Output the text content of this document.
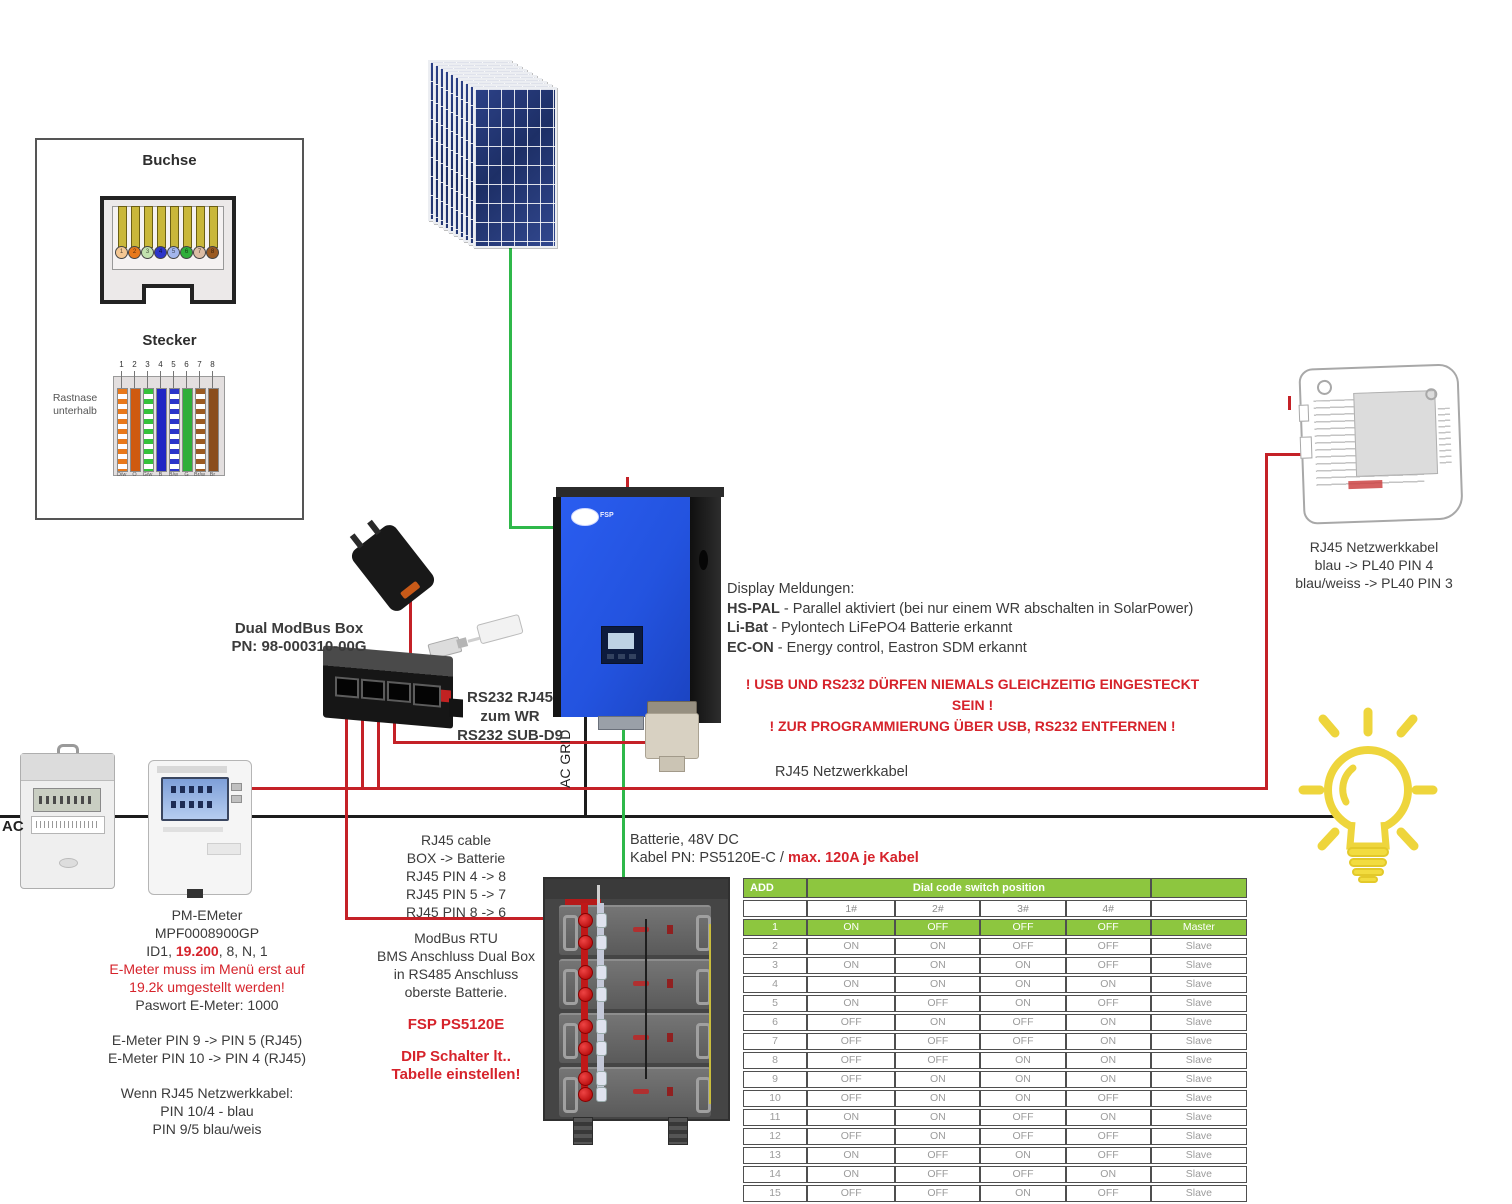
Buchse
1	2	3	4	5	6	7	8
Stecker
Rastnase
unterhalb
1
O/w
2
O
3
G/w
4
B
5
B/w
6
G
7
Br/w
8
Br
FSP
AC GRID
Dual ModBus Box
PN: 98-000310-00G
RS232 RJ45
zum WR
RS232 SUB-D9
AC
Batterie, 48V DC
Kabel PN: PS5120E-C / max. 120A je Kabel
RJ45 cable
BOX -> Batterie
RJ45 PIN 4 -> 8
RJ45 PIN 5 -> 7
RJ45 PIN 8 -> 6
ModBus RTU
BMS Anschluss Dual Box
in RS485 Anschluss
oberste Batterie.
FSP PS5120E
DIP Schalter lt..
Tabelle einstellen!
PM-EMeter
MPF0008900GP
ID1, 19.200, 8, N, 1
E-Meter muss im Menü erst auf
19.2k umgestellt werden!
Paswort E-Meter: 1000
E-Meter PIN 9 -> PIN 5 (RJ45)
E-Meter PIN 10 -> PIN 4 (RJ45)
Wenn RJ45 Netzwerkkabel:
PIN 10/4 - blau
PIN 9/5 blau/weis
Display Meldungen:
HS-PAL - Parallel aktiviert (bei nur einem WR abschalten in SolarPower)
Li-Bat - Pylontech LiFePO4 Batterie erkannt
EC-ON - Energy control, Eastron SDM erkannt
! USB UND RS232 DÜRFEN NIEMALS GLEICHZEITIG EINGESTECKT SEIN !
! ZUR PROGRAMMIERUNG ÜBER USB, RS232 ENTFERNEN !
RJ45 Netzwerkkabel
RJ45 Netzwerkkabel
blau -> PL40 PIN 4
blau/weiss -> PL40 PIN 3
ADD	Dial code switch position				
	1#	2#	3#	4#	
1	ON	OFF	OFF	OFF	Master
2	ON	ON	OFF	OFF	Slave
3	ON	ON	ON	OFF	Slave
4	ON	ON	ON	ON	Slave
5	ON	OFF	ON	OFF	Slave
6	OFF	ON	OFF	ON	Slave
7	OFF	OFF	OFF	ON	Slave
8	OFF	OFF	ON	ON	Slave
9	OFF	ON	ON	ON	Slave
10	OFF	ON	ON	OFF	Slave
11	ON	ON	OFF	ON	Slave
12	OFF	ON	OFF	OFF	Slave
13	ON	OFF	ON	OFF	Slave
14	ON	OFF	OFF	ON	Slave
15	OFF	OFF	ON	OFF	Slave
